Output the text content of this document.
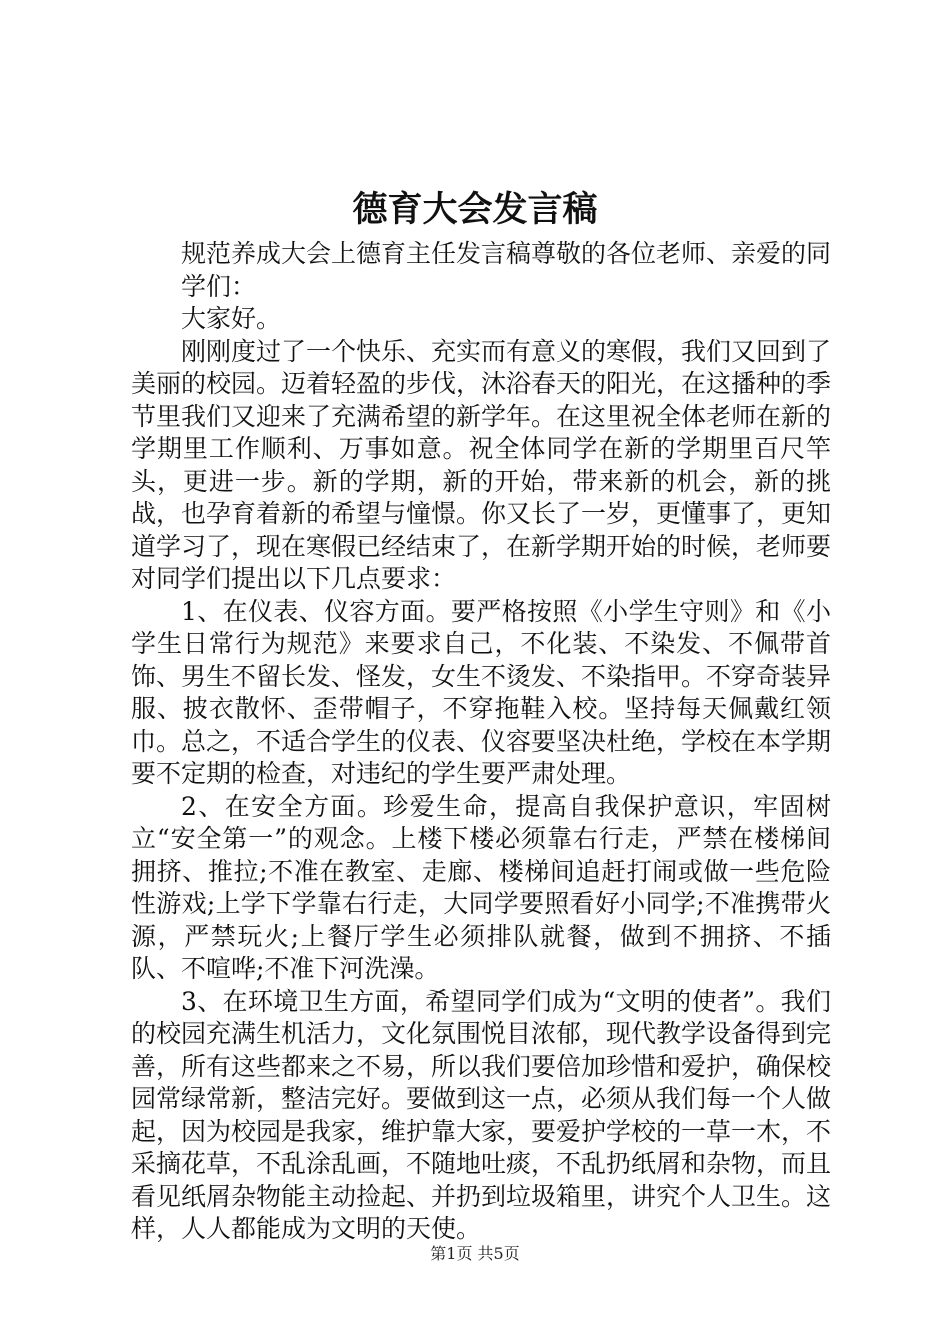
德育大会发言稿
规范养成大会上德育主任发言稿尊敬的各位老师、亲爱的同学们：

大家好。

刚刚度过了一个快乐、充实而有意义的寒假，我们又回到了美丽的校园。迈着轻盈的步伐，沐浴春天的阳光，在这播种的季节里我们又迎来了充满希望的新学年。在这里祝全体老师在新的学期里工作顺利、万事如意。祝全体同学在新的学期里百尺竿头，更进一步。新的学期，新的开始，带来新的机会，新的挑战，也孕育着新的希望与憧憬。你又长了一岁，更懂事了，更知道学习了，现在寒假已经结束了，在新学期开始的时候，老师要对同学们提出以下几点要求：

1、在仪表、仪容方面。要严格按照《小学生守则》和《小学生日常行为规范》来要求自己，不化装、不染发、不佩带首饰、男生不留长发、怪发，女生不烫发、不染指甲。不穿奇装异服、披衣散怀、歪带帽子，不穿拖鞋入校。坚持每天佩戴红领巾。总之，不适合学生的仪表、仪容要坚决杜绝，学校在本学期要不定期的检查，对违纪的学生要严肃处理。

2、在安全方面。珍爱生命，提高自我保护意识，牢固树立“安全第一”的观念。上楼下楼必须靠右行走，严禁在楼梯间拥挤、推拉;不准在教室、走廊、楼梯间追赶打闹或做一些危险性游戏;上学下学靠右行走，大同学要照看好小同学;不准携带火源，严禁玩火;上餐厅学生必须排队就餐，做到不拥挤、不插队、不喧哗;不准下河洗澡。

3、在环境卫生方面，希望同学们成为“文明的使者”。我们的校园充满生机活力，文化氛围悦目浓郁，现代教学设备得到完善，所有这些都来之不易，所以我们要倍加珍惜和爱护，确保校园常绿常新，整洁完好。要做到这一点，必须从我们每一个人做起，因为校园是我家，维护靠大家，要爱护学校的一草一木，不采摘花草，不乱涂乱画，不随地吐痰，不乱扔纸屑和杂物，而且看见纸屑杂物能主动捡起、并扔到垃圾箱里，讲究个人卫生。这样，人人都能成为文明的天使。

第1页 共5页
